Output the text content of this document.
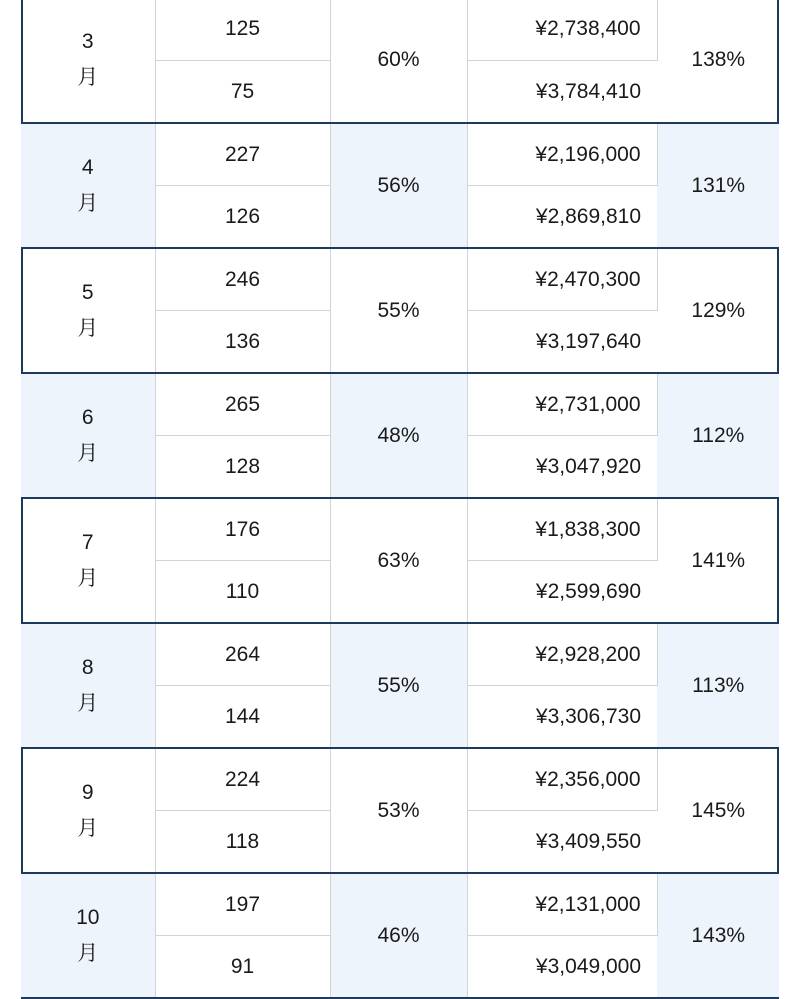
3
月	125	60%	¥2,738,400	138%
	75		¥3,784,410	
4
月	227	56%	¥2,196,000	131%
	126		¥2,869,810	
5
月	246	55%	¥2,470,300	129%
	136		¥3,197,640	
6
月	265	48%	¥2,731,000	112%
	128		¥3,047,920	
7
月	176	63%	¥1,838,300	141%
	110		¥2,599,690	
8
月	264	55%	¥2,928,200	113%
	144		¥3,306,730	
9
月	224	53%	¥2,356,000	145%
	118		¥3,409,550	
10
月	197	46%	¥2,131,000	143%
	91		¥3,049,000	
